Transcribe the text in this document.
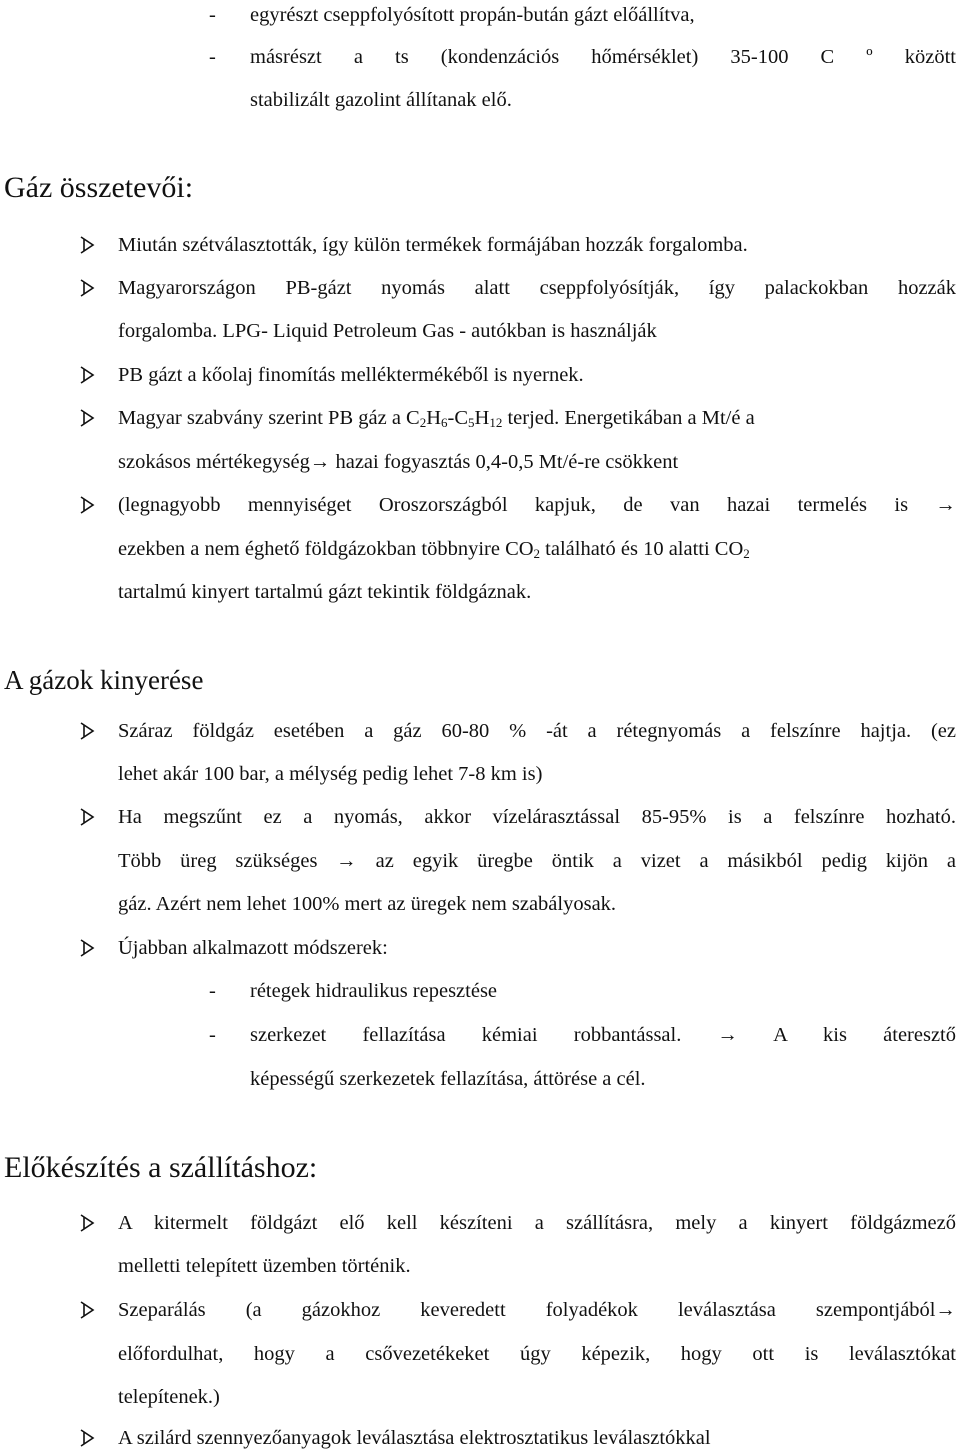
- egyrészt cseppfolyósított propán-bután gázt előállítva,
- másrészt a ts (kondenzációs hőmérséklet) 35-100 C º között
stabilizált gazolint állítanak elő.
Gáz összetevői:
Miután szétválasztották, így külön termékek formájában hozzák forgalomba.
Magyarországon PB-gázt nyomás alatt cseppfolyósítják, így palackokban hozzák
forgalomba. LPG- Liquid Petroleum Gas - autókban is használják
PB gázt a kőolaj finomítás melléktermékéből is nyernek.
Magyar szabvány szerint PB gáz a $C_2H_6-C_5H_{12}$ terjed. Energetikában a Mt/é a
szokásos mértékegység→ hazai fogyasztás 0,4-0,5 Mt/é-re csökkent
(legnagyobb mennyiséget Oroszországból kapjuk, de van hazai termelés is →
ezekben a nem éghető földgázokban többnyire $CO_2$ található és 10 alatti $CO_2$
tartalmú kinyert tartalmú gázt tekintik földgáznak.
A gázok kinyerése
Száraz földgáz esetében a gáz 60-80 % -át a rétegnyomás a felszínre hajtja. (ez
lehet akár 100 bar, a mélység pedig lehet 7-8 km is)
Ha megszűnt ez a nyomás, akkor vízelárasztással 85-95% is a felszínre hozható.
Több üreg szükséges → az egyik üregbe öntik a vizet a másikból pedig kijön a
gáz. Azért nem lehet 100% mert az üregek nem szabályosak.
Újabban alkalmazott módszerek:
- rétegek hidraulikus repesztése
- szerkezet fellazítása kémiai robbantással. → A kis áteresztő
képességű szerkezetek fellazítása, áttörése a cél.
Előkészítés a szállításhoz:
A kitermelt földgázt elő kell készíteni a szállításra, mely a kinyert földgázmező
melletti telepített üzemben történik.
Szeparálás (a gázokhoz keveredett folyadékok leválasztása szempontjából→
előfordulhat, hogy a csővezetékeket úgy képezik, hogy ott is leválasztókat
telepítenek.)
A szilárd szennyezőanyagok leválasztása elektrosztatikus leválasztókkal
